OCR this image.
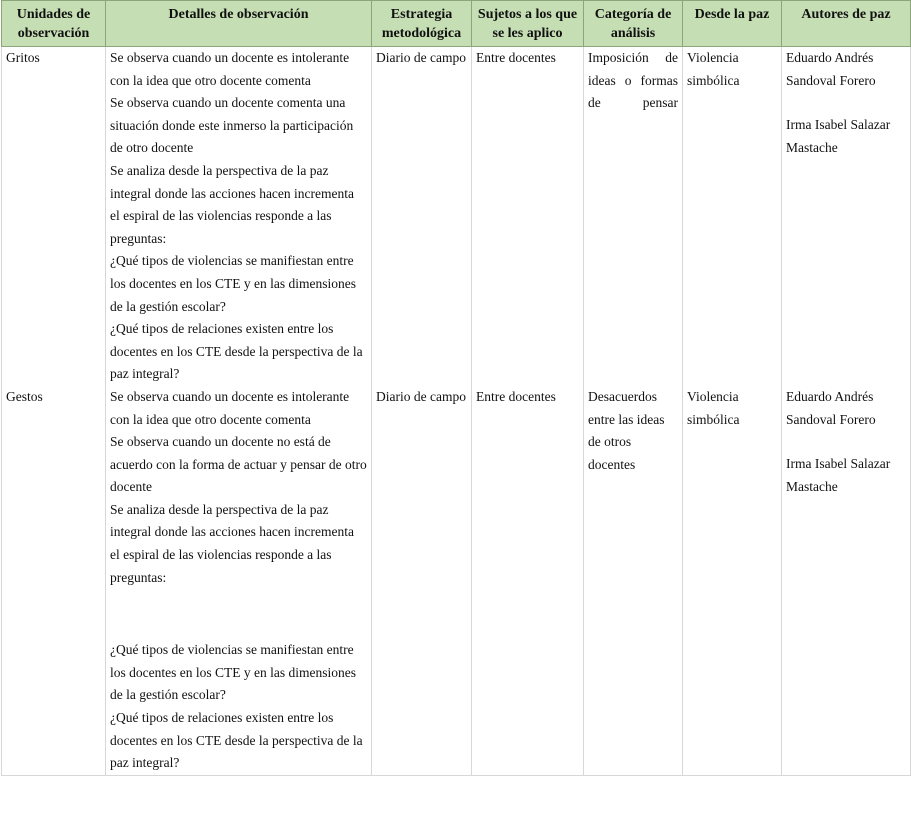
Unidades de observación	Detalles de observación	Estrategia metodológica	Sujetos a los que se les aplico	Categoría de análisis	Desde la paz	Autores de paz
Gritos	Se observa cuando un docente es intolerante con la idea que otro docente comenta
Se observa cuando un docente comenta una situación donde este inmerso la participación de otro docente
Se analiza desde la perspectiva de la paz integral donde las acciones hacen incrementa el espiral de las violencias responde a las preguntas:
¿Qué tipos de violencias se manifiestan entre los docentes en los CTE y en las dimensiones de la gestión escolar?
¿Qué tipos de relaciones existen entre los docentes en los CTE desde la perspectiva de la paz integral?	Diario de campo	Entre docentes	Imposición de ideas o formas de pensar	Violencia simbólica	Eduardo Andrés Sandoval Forero
Irma Isabel Salazar Mastache

Gestos	Se observa cuando un docente es intolerante con la idea que otro docente comenta
Se observa cuando un docente no está de acuerdo con la forma de actuar y pensar de otro docente
Se analiza desde la perspectiva de la paz integral donde las acciones hacen incrementa el espiral de las violencias responde a las preguntas:
¿Qué tipos de violencias se manifiestan entre los docentes en los CTE y en las dimensiones de la gestión escolar?
¿Qué tipos de relaciones existen entre los docentes en los CTE desde la perspectiva de la paz integral?	Diario de campo	Entre docentes	Desacuerdos entre las ideas de otros docentes	Violencia simbólica	Eduardo Andrés Sandoval Forero
Irma Isabel Salazar Mastache
